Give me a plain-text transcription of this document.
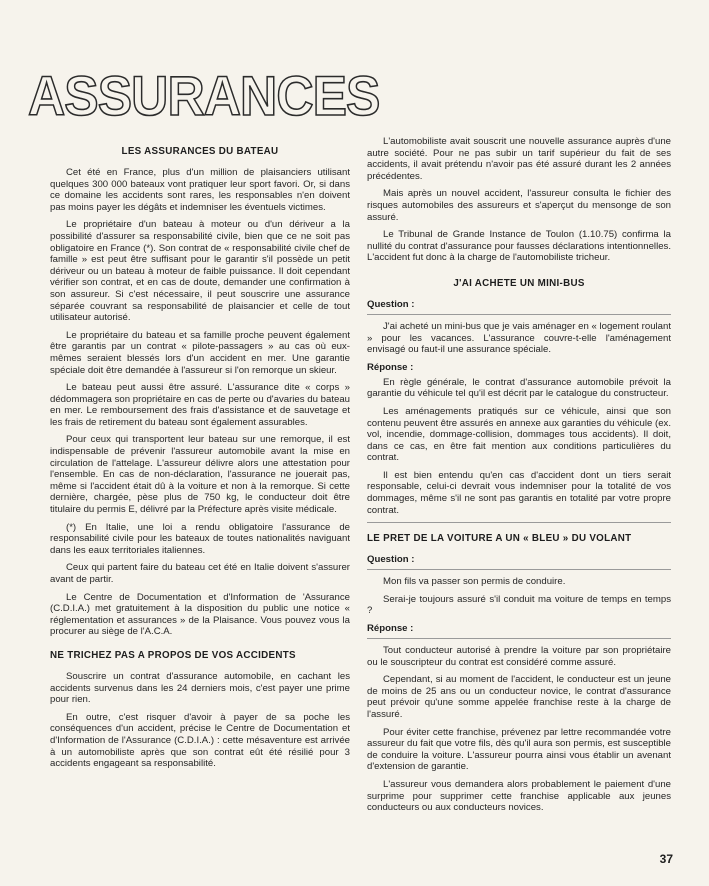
ASSURANCES
LES ASSURANCES DU BATEAU

Cet été en France, plus d'un million de plaisanciers utilisant quelques 300 000 bateaux vont pratiquer leur sport favori. Or, si dans ce domaine les accidents sont rares, les responsables n'en doivent pas moins payer les dégâts et indemniser les éventuels victimes.

Le propriétaire d'un bateau à moteur ou d'un dériveur a la possibilité d'assurer sa responsabilité civile, bien que ce ne soit pas obligatoire en France (*). Son contrat de « responsabilité civile chef de famille » est peut être suffisant pour le garantir s'il possède un petit dériveur ou un bateau à moteur de faible puissance. Il doit cependant vérifier son contrat, et en cas de doute, demander une confirmation à son assureur. Si c'est nécessaire, il peut souscrire une assurance séparée couvrant sa responsabilité de plaisancier et celle de tout utilisateur autorisé.

Le propriétaire du bateau et sa famille proche peuvent également être garantis par un contrat « pilote-passagers » au cas où eux-mêmes seraient blessés lors d'un accident en mer. Une garantie spéciale doit être demandée à l'assureur si l'on remorque un skieur.

Le bateau peut aussi être assuré. L'assurance dite « corps » dédommagera son propriétaire en cas de perte ou d'avaries du bateau en mer. Le remboursement des frais d'assistance et de sauvetage et les frais de retirement du bateau sont également assurables.

Pour ceux qui transportent leur bateau sur une remorque, il est indispensable de prévenir l'assureur automobile avant la mise en circulation de l'attelage. L'assureur délivre alors une attestation pour l'ensemble. En cas de non-déclaration, l'assurance ne jouerait pas, même si l'accident était dû à la voiture et non à la remorque. Si cette dernière, chargée, pèse plus de 750 kg, le conducteur doit être titulaire du permis E, délivré par la Préfecture après visite médicale.

(*) En Italie, une loi a rendu obligatoire l'assurance de responsabilité civile pour les bateaux de toutes nationalités naviguant dans les eaux territoriales italiennes.

Ceux qui partent faire du bateau cet été en Italie doivent s'assurer avant de partir.

Le Centre de Documentation et d'Information de 'Assurance (C.D.I.A.) met gratuitement à la disposition du public une notice « réglementation et assurances » de la Plaisance. Vous pouvez vous la procurer au siège de l'A.C.A.

NE TRICHEZ PAS A PROPOS DE VOS ACCIDENTS

Souscrire un contrat d'assurance automobile, en cachant les accidents survenus dans les 24 derniers mois, c'est payer une prime pour rien.

En outre, c'est risquer d'avoir à payer de sa poche les conséquences d'un accident, précise le Centre de Documentation et d'Information de l'Assurance (C.D.I.A.) : cette mésaventure est arrivée à un automobiliste après que son contrat eût été résilié pour 3 accidents engageant sa responsabilité.

L'automobiliste avait souscrit une nouvelle assurance auprès d'une autre société. Pour ne pas subir un tarif supérieur du fait de ses accidents, il avait prétendu n'avoir pas été assuré durant les 2 années précédentes.

Mais après un nouvel accident, l'assureur consulta le fichier des risques automobiles des assureurs et s'aperçut du mensonge de son assuré.

Le Tribunal de Grande Instance de Toulon (1.10.75) confirma la nullité du contrat d'assurance pour fausses déclarations intentionnelles. L'accident fut donc à la charge de l'automobiliste tricheur.

J'AI ACHETE UN MINI-BUS
Question :

J'ai acheté un mini-bus que je vais aménager en « logement roulant » pour les vacances. L'assurance couvre-t-elle l'aménagement envisagé ou faut-il une assurance spéciale.

Réponse :

En règle générale, le contrat d'assurance automobile prévoit la garantie du véhicule tel qu'il est décrit par le catalogue du constructeur.

Les aménagements pratiqués sur ce véhicule, ainsi que son contenu peuvent être assurés en annexe aux garanties du véhicule (ex. vol, incendie, dommage-collision, dommages tous accidents). Il doit, dans ce cas, en être fait mention aux conditions particulières du contrat.

Il est bien entendu qu'en cas d'accident dont un tiers serait responsable, celui-ci devrait vous indemniser pour la totalité de vos dommages, même s'il ne sont pas garantis en totalité par votre propre contrat.

LE PRET DE LA VOITURE A UN « BLEU » DU VOLANT
Question :

Mon fils va passer son permis de conduire.

Serai-je toujours assuré s'il conduit ma voiture de temps en temps ?

Réponse :

Tout conducteur autorisé à prendre la voiture par son propriétaire ou le souscripteur du contrat est considéré comme assuré.

Cependant, si au moment de l'accident, le conducteur est un jeune de moins de 25 ans ou un conducteur novice, le contrat d'assurance peut prévoir qu'une somme appelée franchise reste à la charge de l'assuré.

Pour éviter cette franchise, prévenez par lettre recommandée votre assureur du fait que votre fils, dès qu'il aura son permis, est susceptible de conduire la voiture. L'assureur pourra ainsi vous établir un avenant d'extension de garantie.

L'assureur vous demandera alors probablement le paiement d'une surprime pour supprimer cette franchise applicable aux jeunes conducteurs ou aux conducteurs novices.

37
